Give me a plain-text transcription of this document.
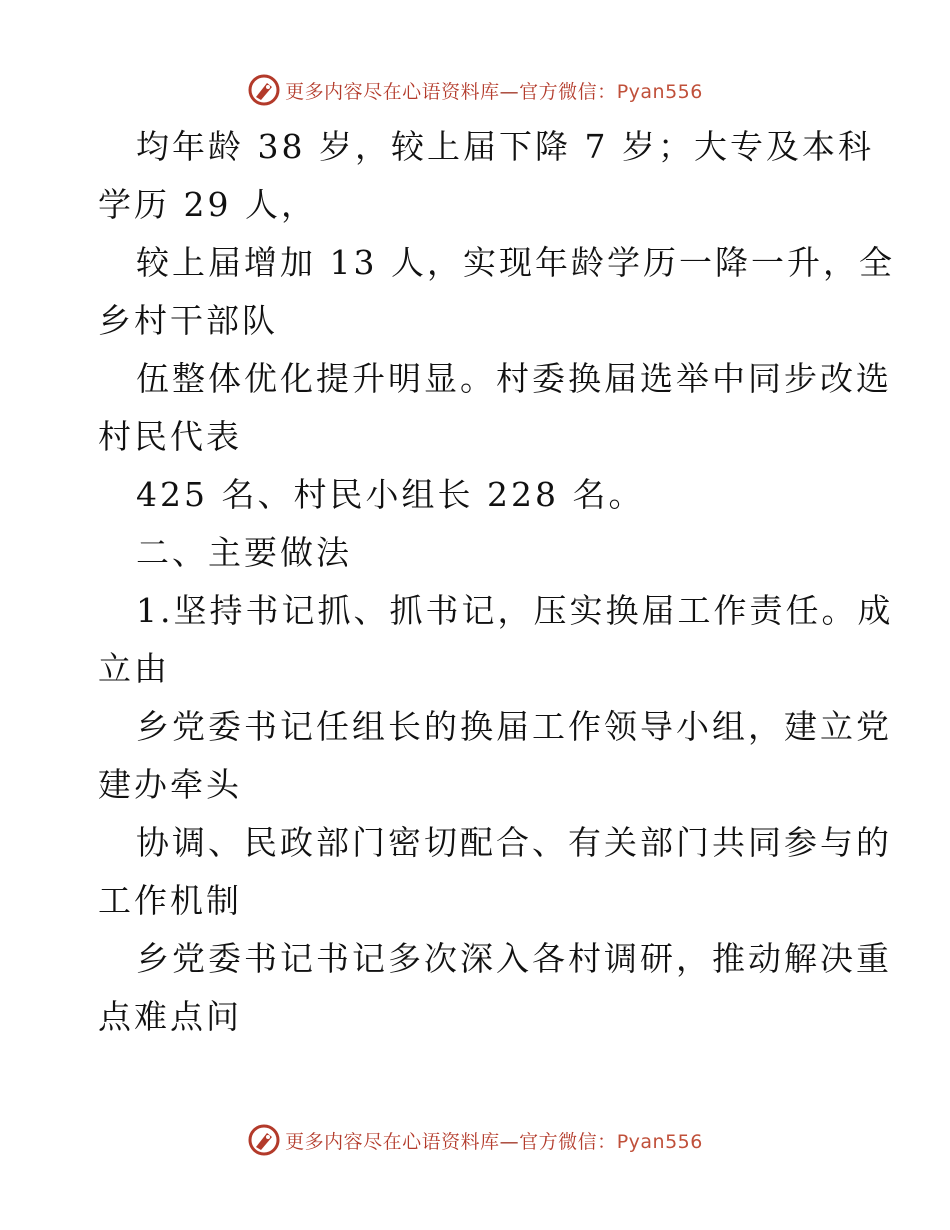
更多内容尽在心语资料库—官方微信：Pyan556

均年龄 38 岁，较上届下降 7 岁；大专及本科
学历 29 人，

较上届增加 13 人，实现年龄学历一降一升，全
乡村干部队

伍整体优化提升明显。村委换届选举中同步改选
村民代表

425 名、村民小组长 228 名。

二、主要做法

1.坚持书记抓、抓书记，压实换届工作责任。成
立由

乡党委书记任组长的换届工作领导小组，建立党
建办牵头

协调、民政部门密切配合、有关部门共同参与的
工作机制

乡党委书记书记多次深入各村调研，推动解决重
点难点问

更多内容尽在心语资料库—官方微信：Pyan556
